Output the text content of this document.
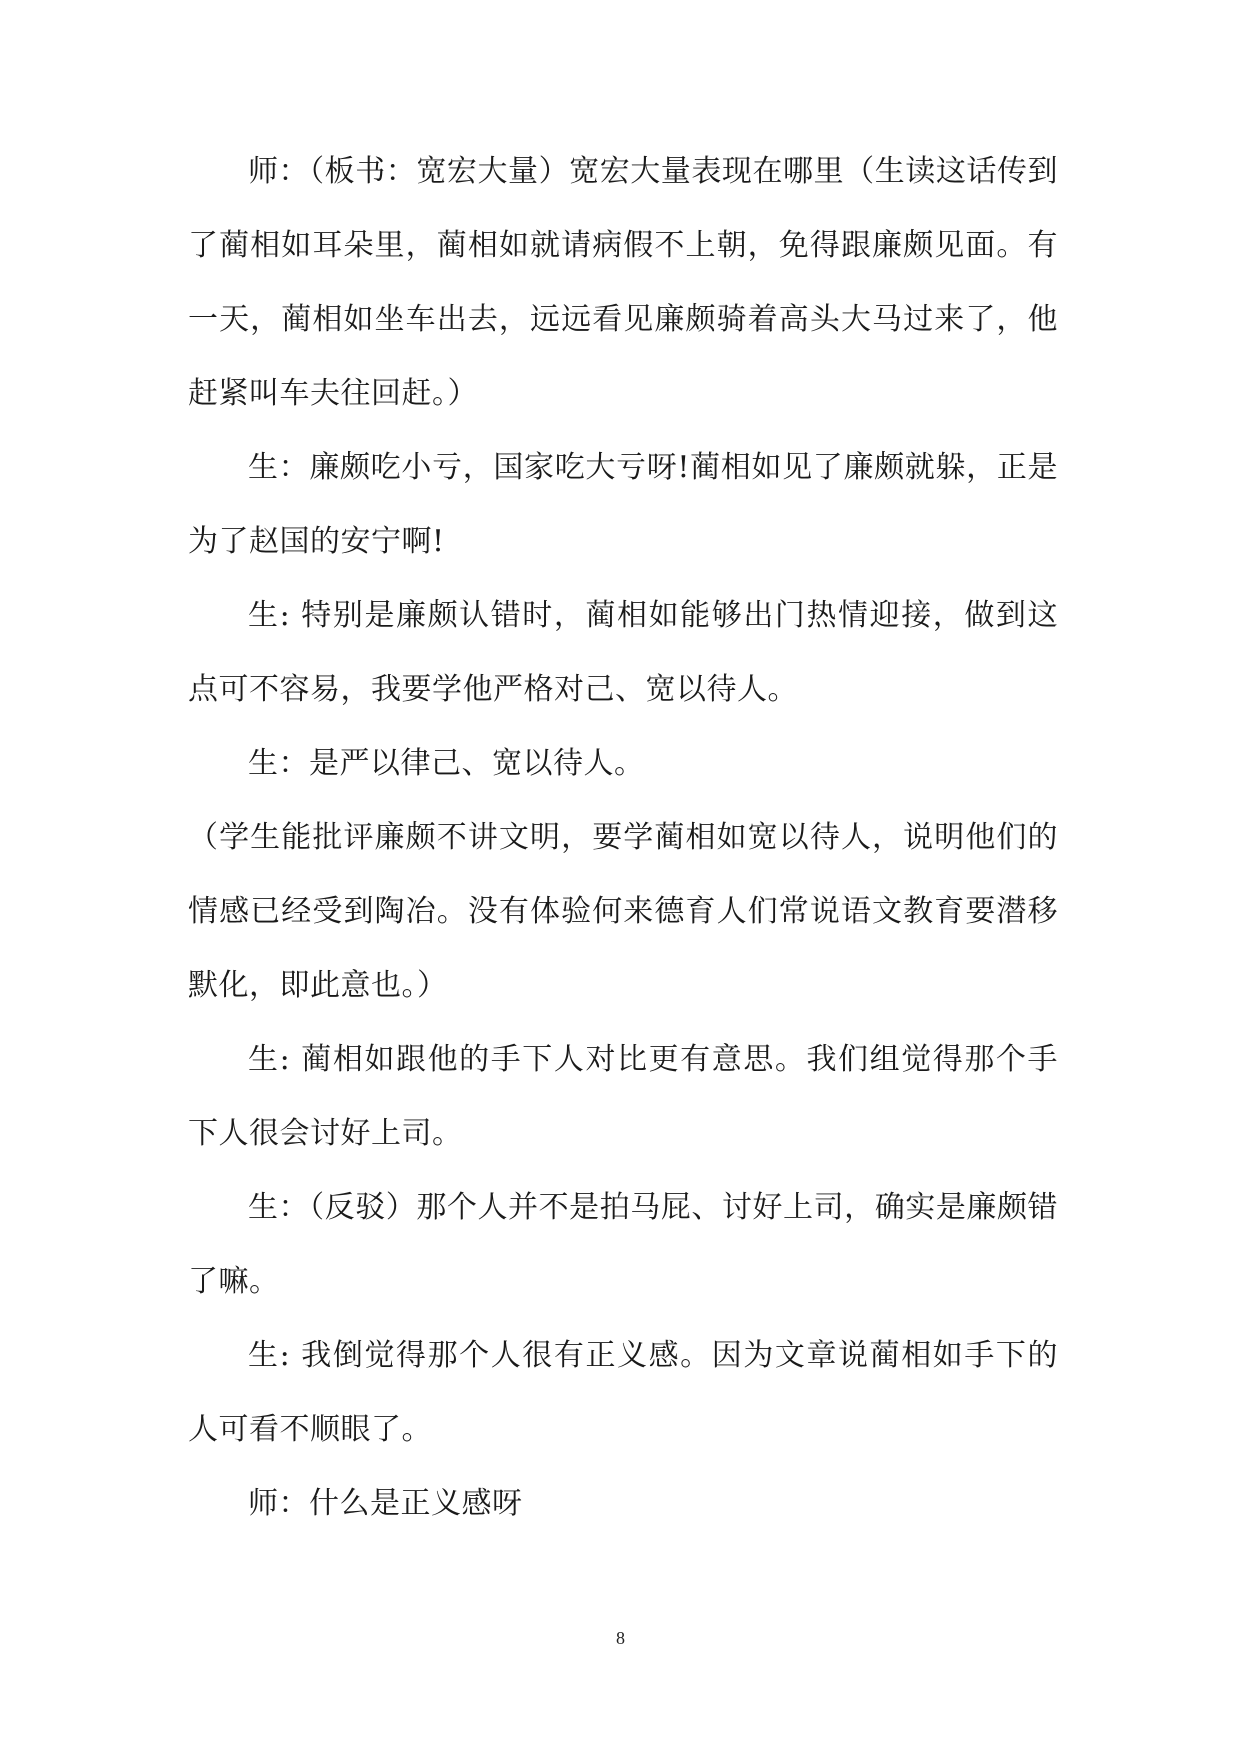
师：（板书：宽宏大量）宽宏大量表现在哪里（生读这话传到了蔺相如耳朵里，蔺相如就请病假不上朝，免得跟廉颇见面。有一天，蔺相如坐车出去，远远看见廉颇骑着高头大马过来了，他赶紧叫车夫往回赶。）

生：廉颇吃小亏，国家吃大亏呀!蔺相如见了廉颇就躲，正是为了赵国的安宁啊!

生: 特别是廉颇认错时，蔺相如能够出门热情迎接，做到这点可不容易，我要学他严格对己、宽以待人。

生：是严以律己、宽以待人。

（学生能批评廉颇不讲文明，要学蔺相如宽以待人，说明他们的情感已经受到陶冶。没有体验何来德育人们常说语文教育要潜移默化，即此意也。）

生: 蔺相如跟他的手下人对比更有意思。我们组觉得那个手下人很会讨好上司。

生：（反驳）那个人并不是拍马屁、讨好上司，确实是廉颇错了嘛。

生: 我倒觉得那个人很有正义感。因为文章说蔺相如手下的人可看不顺眼了。

师：什么是正义感呀

8
